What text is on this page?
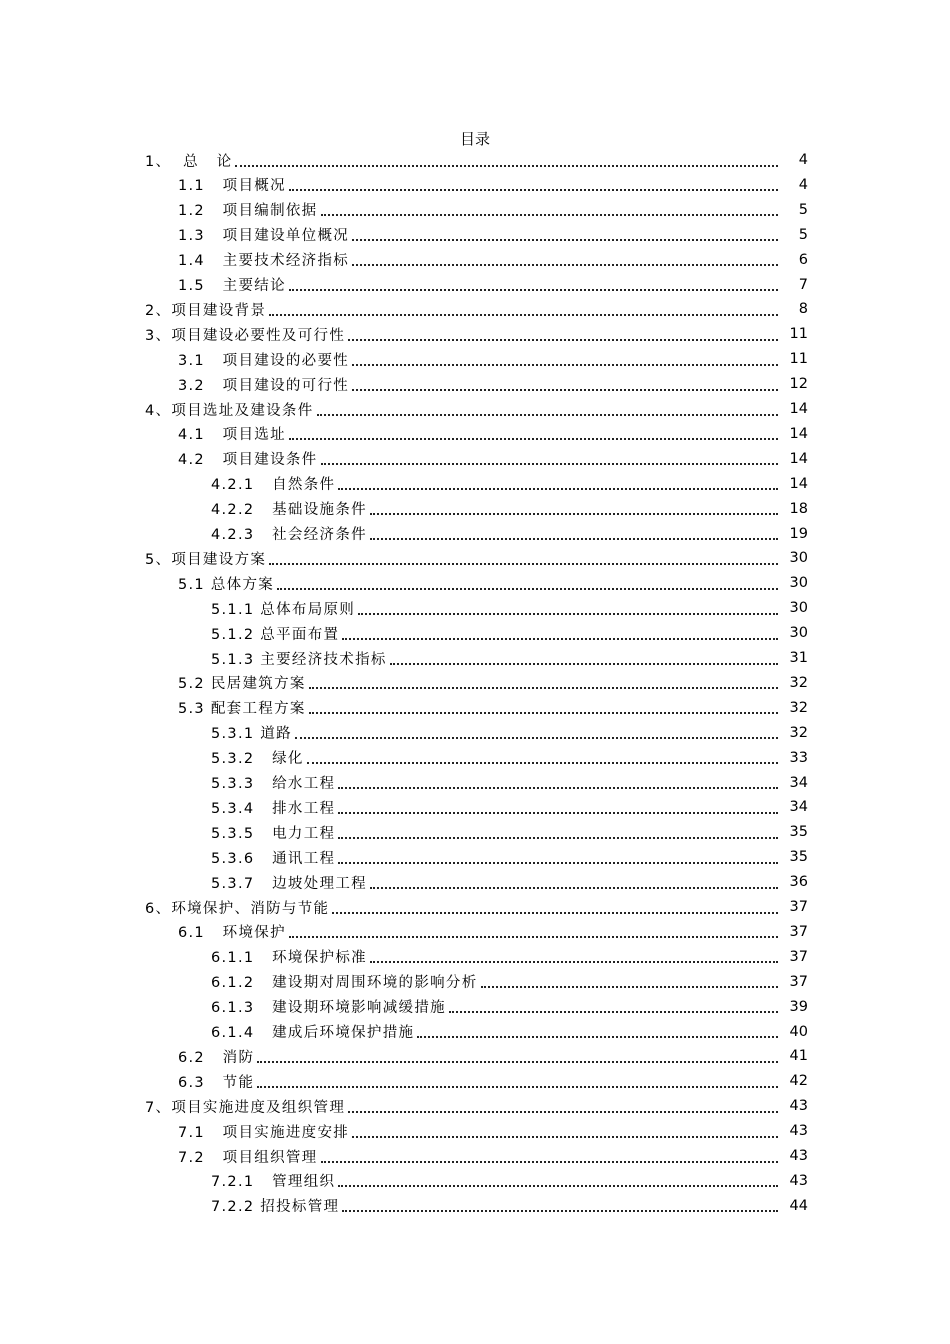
目录
1、  总   论	4
1.1   项目概况	4
1.2   项目编制依据	5
1.3   项目建设单位概况	5
1.4   主要技术经济指标	6
1.5   主要结论	7
2、项目建设背景	8
3、项目建设必要性及可行性	11
3.1   项目建设的必要性	11
3.2   项目建设的可行性	12
4、项目选址及建设条件	14
4.1   项目选址	14
4.2   项目建设条件	14
4.2.1   自然条件	14
4.2.2   基础设施条件	18
4.2.3   社会经济条件	19
5、项目建设方案	30
5.1 总体方案	30
5.1.1 总体布局原则	30
5.1.2 总平面布置	30
5.1.3 主要经济技术指标	31
5.2 民居建筑方案	32
5.3 配套工程方案	32
5.3.1 道路	32
5.3.2   绿化	33
5.3.3   给水工程	34
5.3.4   排水工程	34
5.3.5   电力工程	35
5.3.6   通讯工程	35
5.3.7   边坡处理工程	36
6、环境保护、消防与节能	37
6.1   环境保护	37
6.1.1   环境保护标准	37
6.1.2   建设期对周围环境的影响分析	37
6.1.3   建设期环境影响减缓措施	39
6.1.4   建成后环境保护措施	40
6.2   消防	41
6.3   节能	42
7、项目实施进度及组织管理	43
7.1   项目实施进度安排	43
7.2   项目组织管理	43
7.2.1   管理组织	43
7.2.2 招投标管理	44
